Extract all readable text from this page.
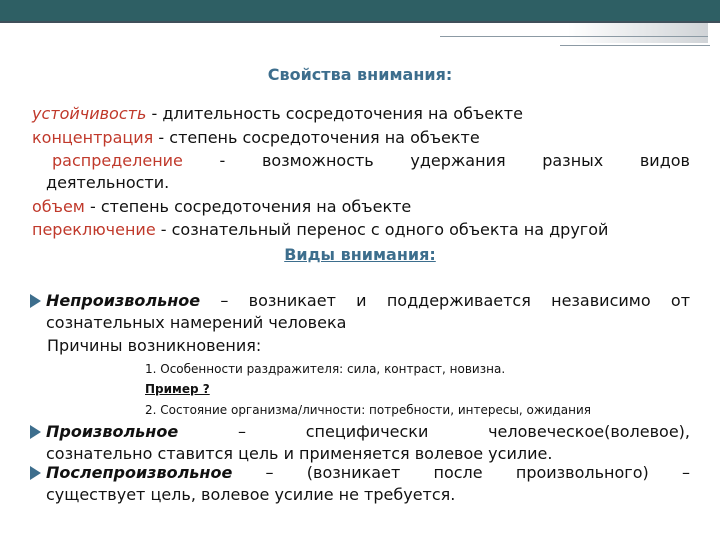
Свойства внимания:
устойчивость - длительность сосредоточения на объекте
концентрация - степень сосредоточения на объекте
распределение - возможность удержания разных видов
деятельности.
объем - степень сосредоточения на объекте
переключение - сознательный перенос с одного объекта на другой
Виды внимания:
Непроизвольное – возникает и поддерживается независимо от
сознательных намерений человека
Причины возникновения:
1. Особенности раздражителя: сила, контраст, новизна.
Пример ?
2. Состояние организма/личности: потребности, интересы, ожидания
Произвольное – специфически человеческое(волевое),
сознательно ставится цель и применяется волевое усилие.
Послепроизвольное – (возникает после произвольного) –
существует цель, волевое усилие не требуется.
